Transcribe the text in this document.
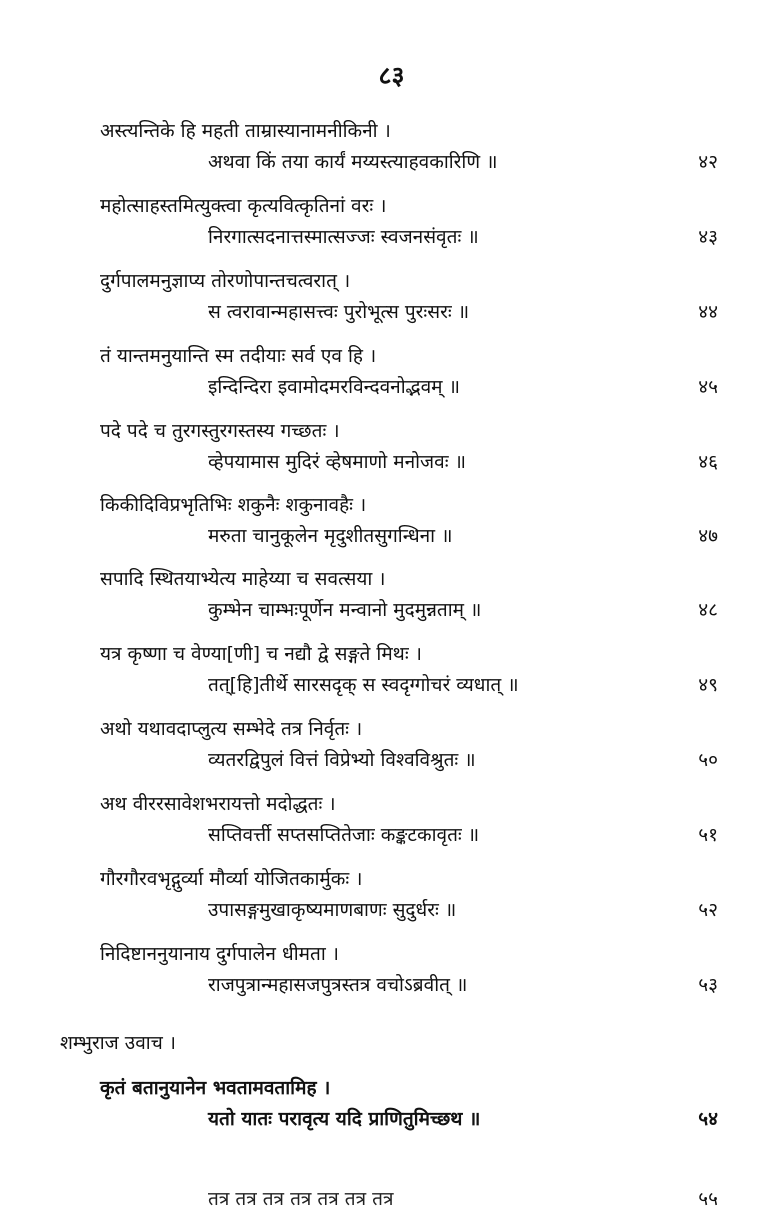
८३
अस्त्यन्तिके हि महती ताम्रास्यानामनीकिनी ।
अथवा किं तया कार्यं मय्यस्त्याहवकारिणि ॥	४२
महोत्साहस्तमित्युक्त्वा कृत्यवित्कृतिनां वरः ।
निरगात्सदनात्तस्मात्सज्जः स्वजनसंवृतः ॥	४३
दुर्गपालमनुज्ञाप्य तोरणोपान्तचत्वरात् ।
स त्वरावान्महासत्त्वः पुरोभूत्स पुरःसरः ॥	४४
तं यान्तमनुयान्ति स्म तदीयाः सर्व एव हि ।
इन्दिन्दिरा इवामोदमरविन्दवनोद्भवम् ॥	४५
पदे पदे च तुरगस्तुरगस्तस्य गच्छतः ।
व्हेपयामास मुदिरं व्हेषमाणो मनोजवः ॥	४६
किकीदिविप्रभृतिभिः शकुनैः शकुनावहैः ।
मरुता चानुकूलेन मृदुशीतसुगन्धिना ॥	४७
सपादि स्थितयाभ्येत्य माहेय्या च सवत्सया ।
कुम्भेन चाम्भःपूर्णेन मन्वानो मुदमुन्नताम् ॥	४८
यत्र कृष्णा च वेण्या[णी] च नद्यौ द्वे सङ्गते मिथः ।
तत्[हि]तीर्थे सारसदृक् स स्वदृग्गोचरं व्यधात् ॥	४९
अथो यथावदाप्लुत्य सम्भेदे तत्र निर्वृतः ।
व्यतरद्विपुलं वित्तं विप्रेभ्यो विश्वविश्रुतः ॥	५०
अथ वीररसावेशभरायत्तो मदोद्धतः ।
सप्तिवर्त्ती सप्तसप्तितेजाः कङ्कटकावृतः ॥	५१
गौरगौरवभृद्गुर्व्या मौर्व्या योजितकार्मुकः ।
उपासङ्गमुखाकृष्यमाणबाणः सुदुर्धरः ॥	५२
निदिष्टाननुयानाय दुर्गपालेन धीमता ।
राजपुत्रान्महासजपुत्रस्तत्र वचोऽब्रवीत् ॥	५३
शम्भुराज उवाच ।
कृतं बतानुयानेन भवतामवतामिह ।
यतो यातः परावृत्य यदि प्राणितुमिच्छथ ॥	५४
तत्र तत्र तत्र तत्र तत्र तत्र तत्र	५५
